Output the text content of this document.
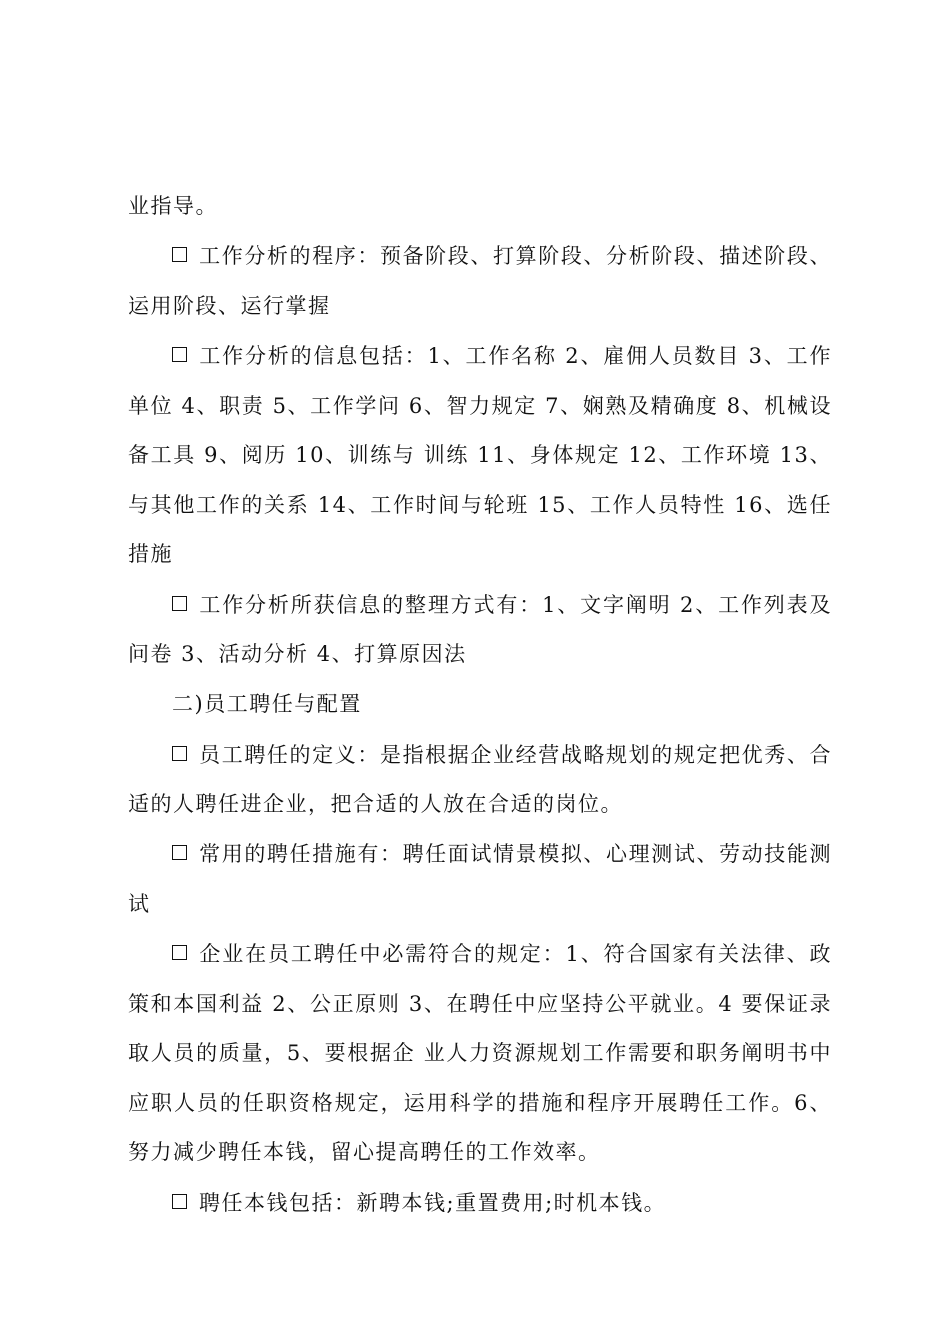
业指导。

工作分析的程序：预备阶段、打算阶段、分析阶段、描述阶段、运用阶段、运行掌握

工作分析的信息包括：1、工作名称 2、雇佣人员数目 3、工作单位 4、职责 5、工作学问 6、智力规定 7、娴熟及精确度 8、机械设备工具 9、阅历 10、训练与 训练 11、身体规定 12、工作环境 13、与其他工作的关系 14、工作时间与轮班 15、工作人员特性 16、选任措施

工作分析所获信息的整理方式有：1、文字阐明 2、工作列表及问卷 3、活动分析 4、打算原因法

二)员工聘任与配置

员工聘任的定义：是指根据企业经营战略规划的规定把优秀、合适的人聘任进企业，把合适的人放在合适的岗位。

常用的聘任措施有：聘任面试情景模拟、心理测试、劳动技能测试

企业在员工聘任中必需符合的规定：1、符合国家有关法律、政策和本国利益 2、公正原则 3、在聘任中应坚持公平就业。4 要保证录取人员的质量，5、要根据企 业人力资源规划工作需要和职务阐明书中应职人员的任职资格规定，运用科学的措施和程序开展聘任工作。6、努力减少聘任本钱，留心提高聘任的工作效率。

聘任本钱包括：新聘本钱;重置费用;时机本钱。
